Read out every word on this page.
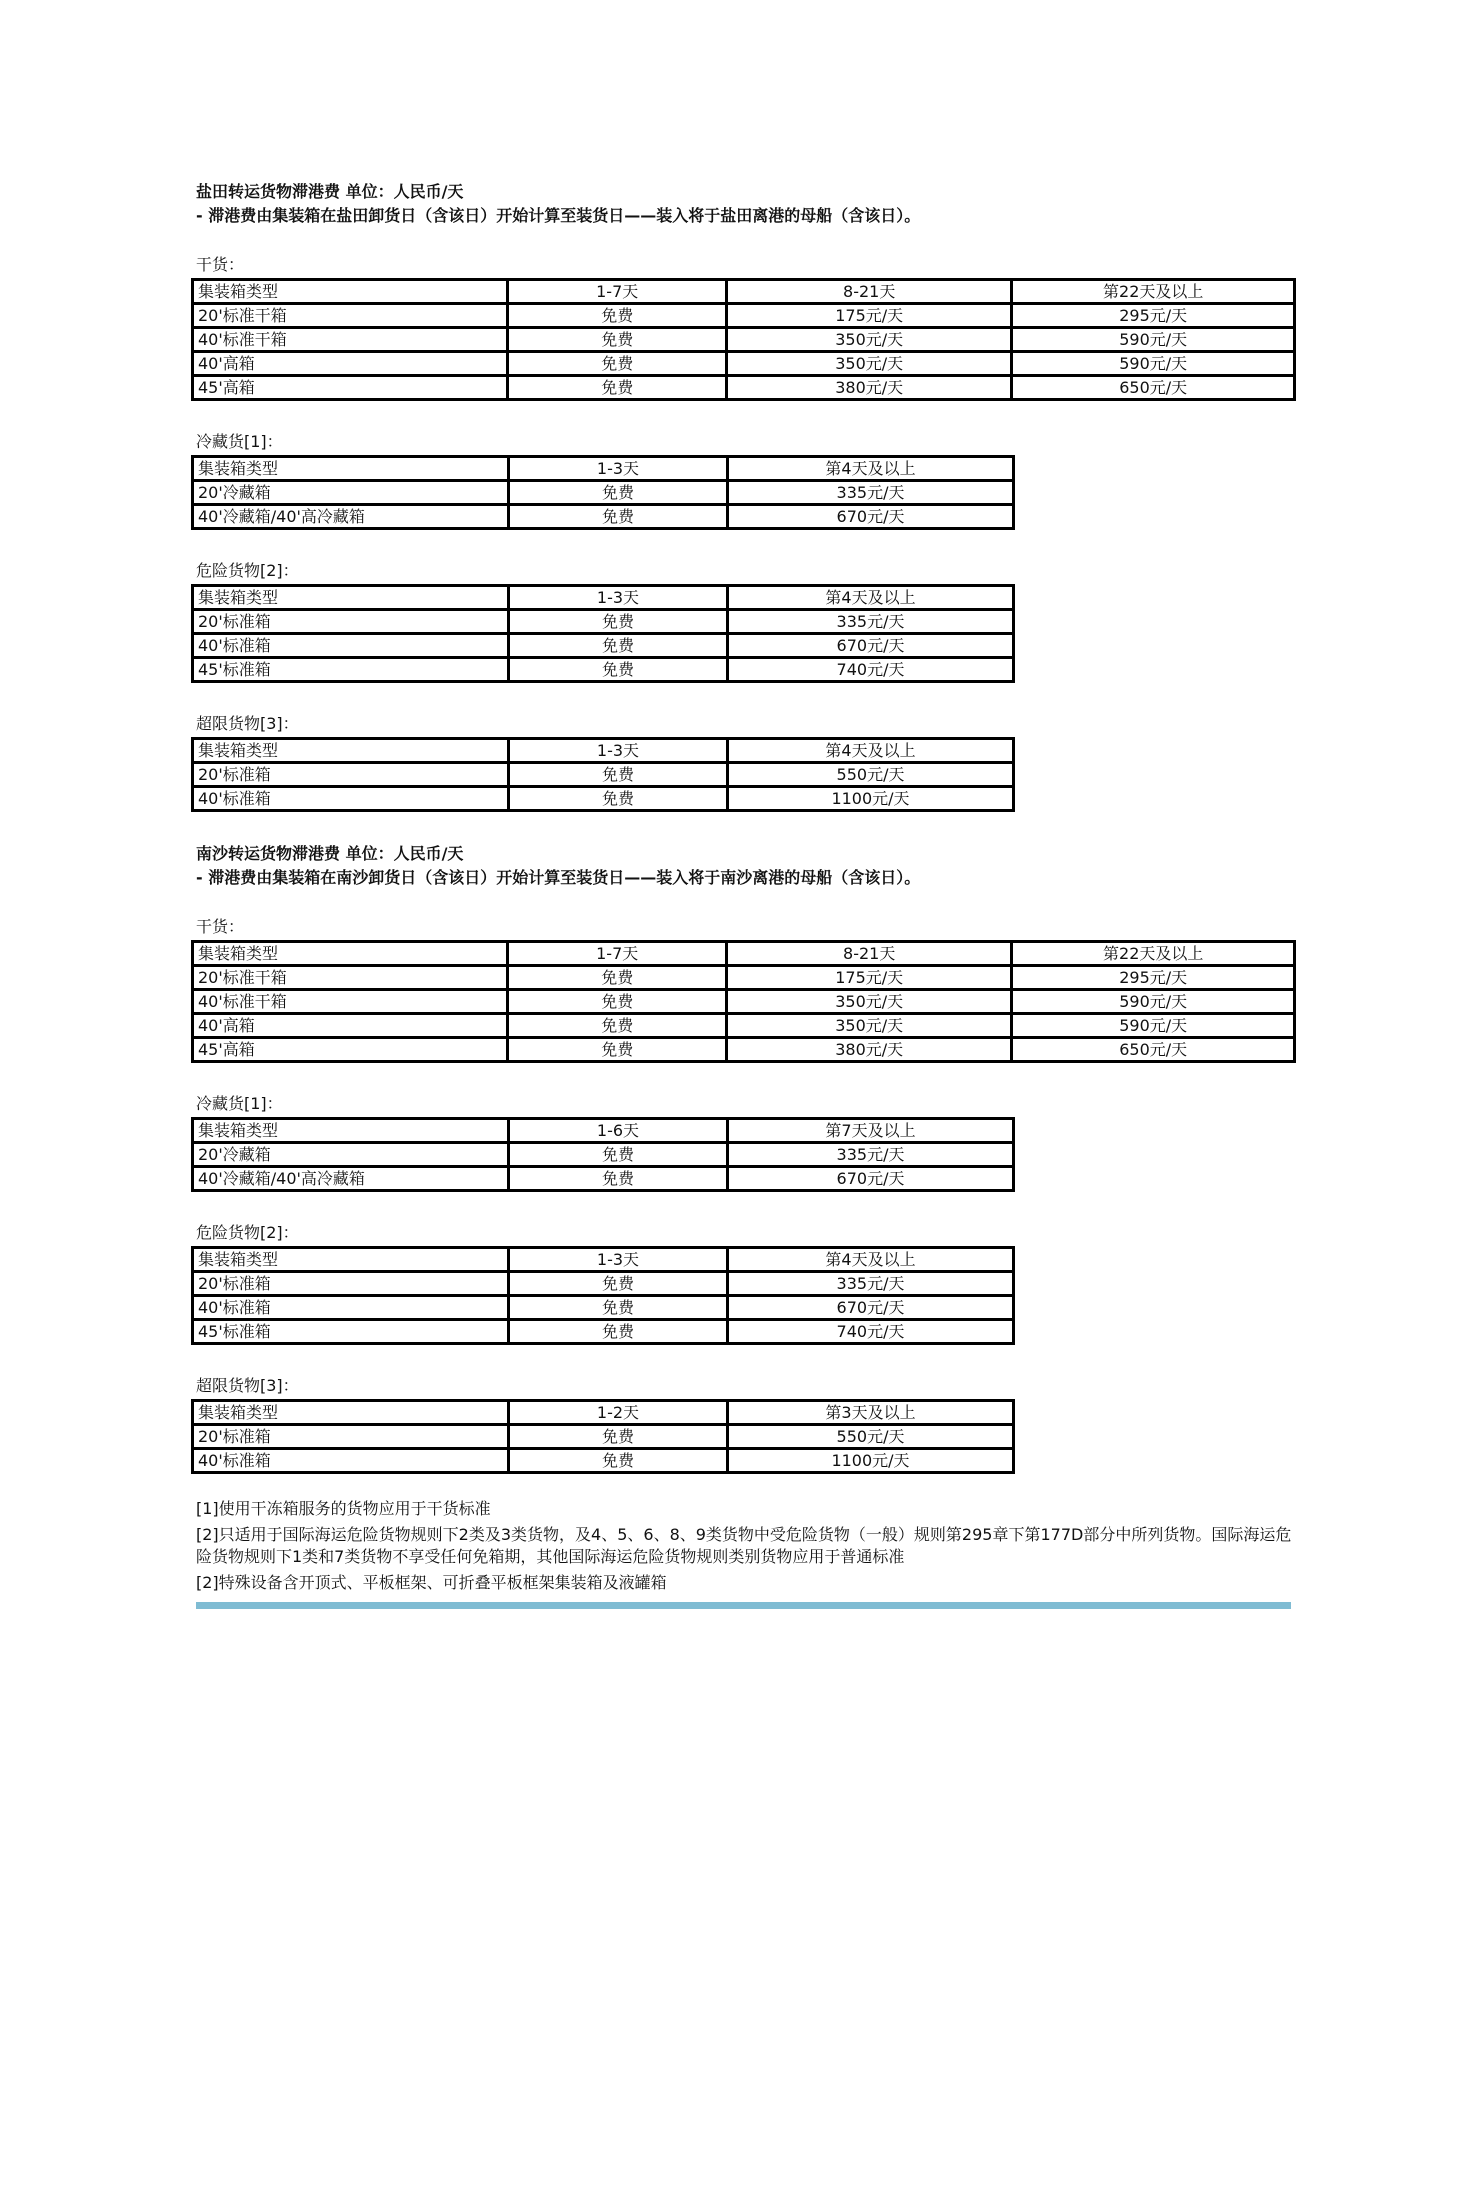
盐田转运货物滞港费 单位：人民币/天

- 滞港费由集装箱在盐田卸货日（含该日）开始计算至装货日——装入将于盐田离港的母船（含该日）。

干货：

集装箱类型	1-7天	8-21天	第22天及以上
20'标准干箱	免费	175元/天	295元/天
40'标准干箱	免费	350元/天	590元/天
40'高箱	免费	350元/天	590元/天
45'高箱	免费	380元/天	650元/天

冷藏货[1]：

集装箱类型	1-3天	第4天及以上
20'冷藏箱	免费	335元/天
40'冷藏箱/40'高冷藏箱	免费	670元/天

危险货物[2]：

集装箱类型	1-3天	第4天及以上
20'标准箱	免费	335元/天
40'标准箱	免费	670元/天
45'标准箱	免费	740元/天

超限货物[3]：

集装箱类型	1-3天	第4天及以上
20'标准箱	免费	550元/天
40'标准箱	免费	1100元/天

南沙转运货物滞港费 单位：人民币/天

- 滞港费由集装箱在南沙卸货日（含该日）开始计算至装货日——装入将于南沙离港的母船（含该日）。

干货：

集装箱类型	1-7天	8-21天	第22天及以上
20'标准干箱	免费	175元/天	295元/天
40'标准干箱	免费	350元/天	590元/天
40'高箱	免费	350元/天	590元/天
45'高箱	免费	380元/天	650元/天

冷藏货[1]：

集装箱类型	1-6天	第7天及以上
20'冷藏箱	免费	335元/天
40'冷藏箱/40'高冷藏箱	免费	670元/天

危险货物[2]：

集装箱类型	1-3天	第4天及以上
20'标准箱	免费	335元/天
40'标准箱	免费	670元/天
45'标准箱	免费	740元/天

超限货物[3]：

集装箱类型	1-2天	第3天及以上
20'标准箱	免费	550元/天
40'标准箱	免费	1100元/天

[1]使用干冻箱服务的货物应用于干货标准

[2]只适用于国际海运危险货物规则下2类及3类货物，及4、5、6、8、9类货物中受危险货物（一般）规则第295章下第177D部分中所列货物。国际海运危险货物规则下1类和7类货物不享受任何免箱期，其他国际海运危险货物规则类别货物应用于普通标准

[2]特殊设备含开顶式、平板框架、可折叠平板框架集装箱及液罐箱
